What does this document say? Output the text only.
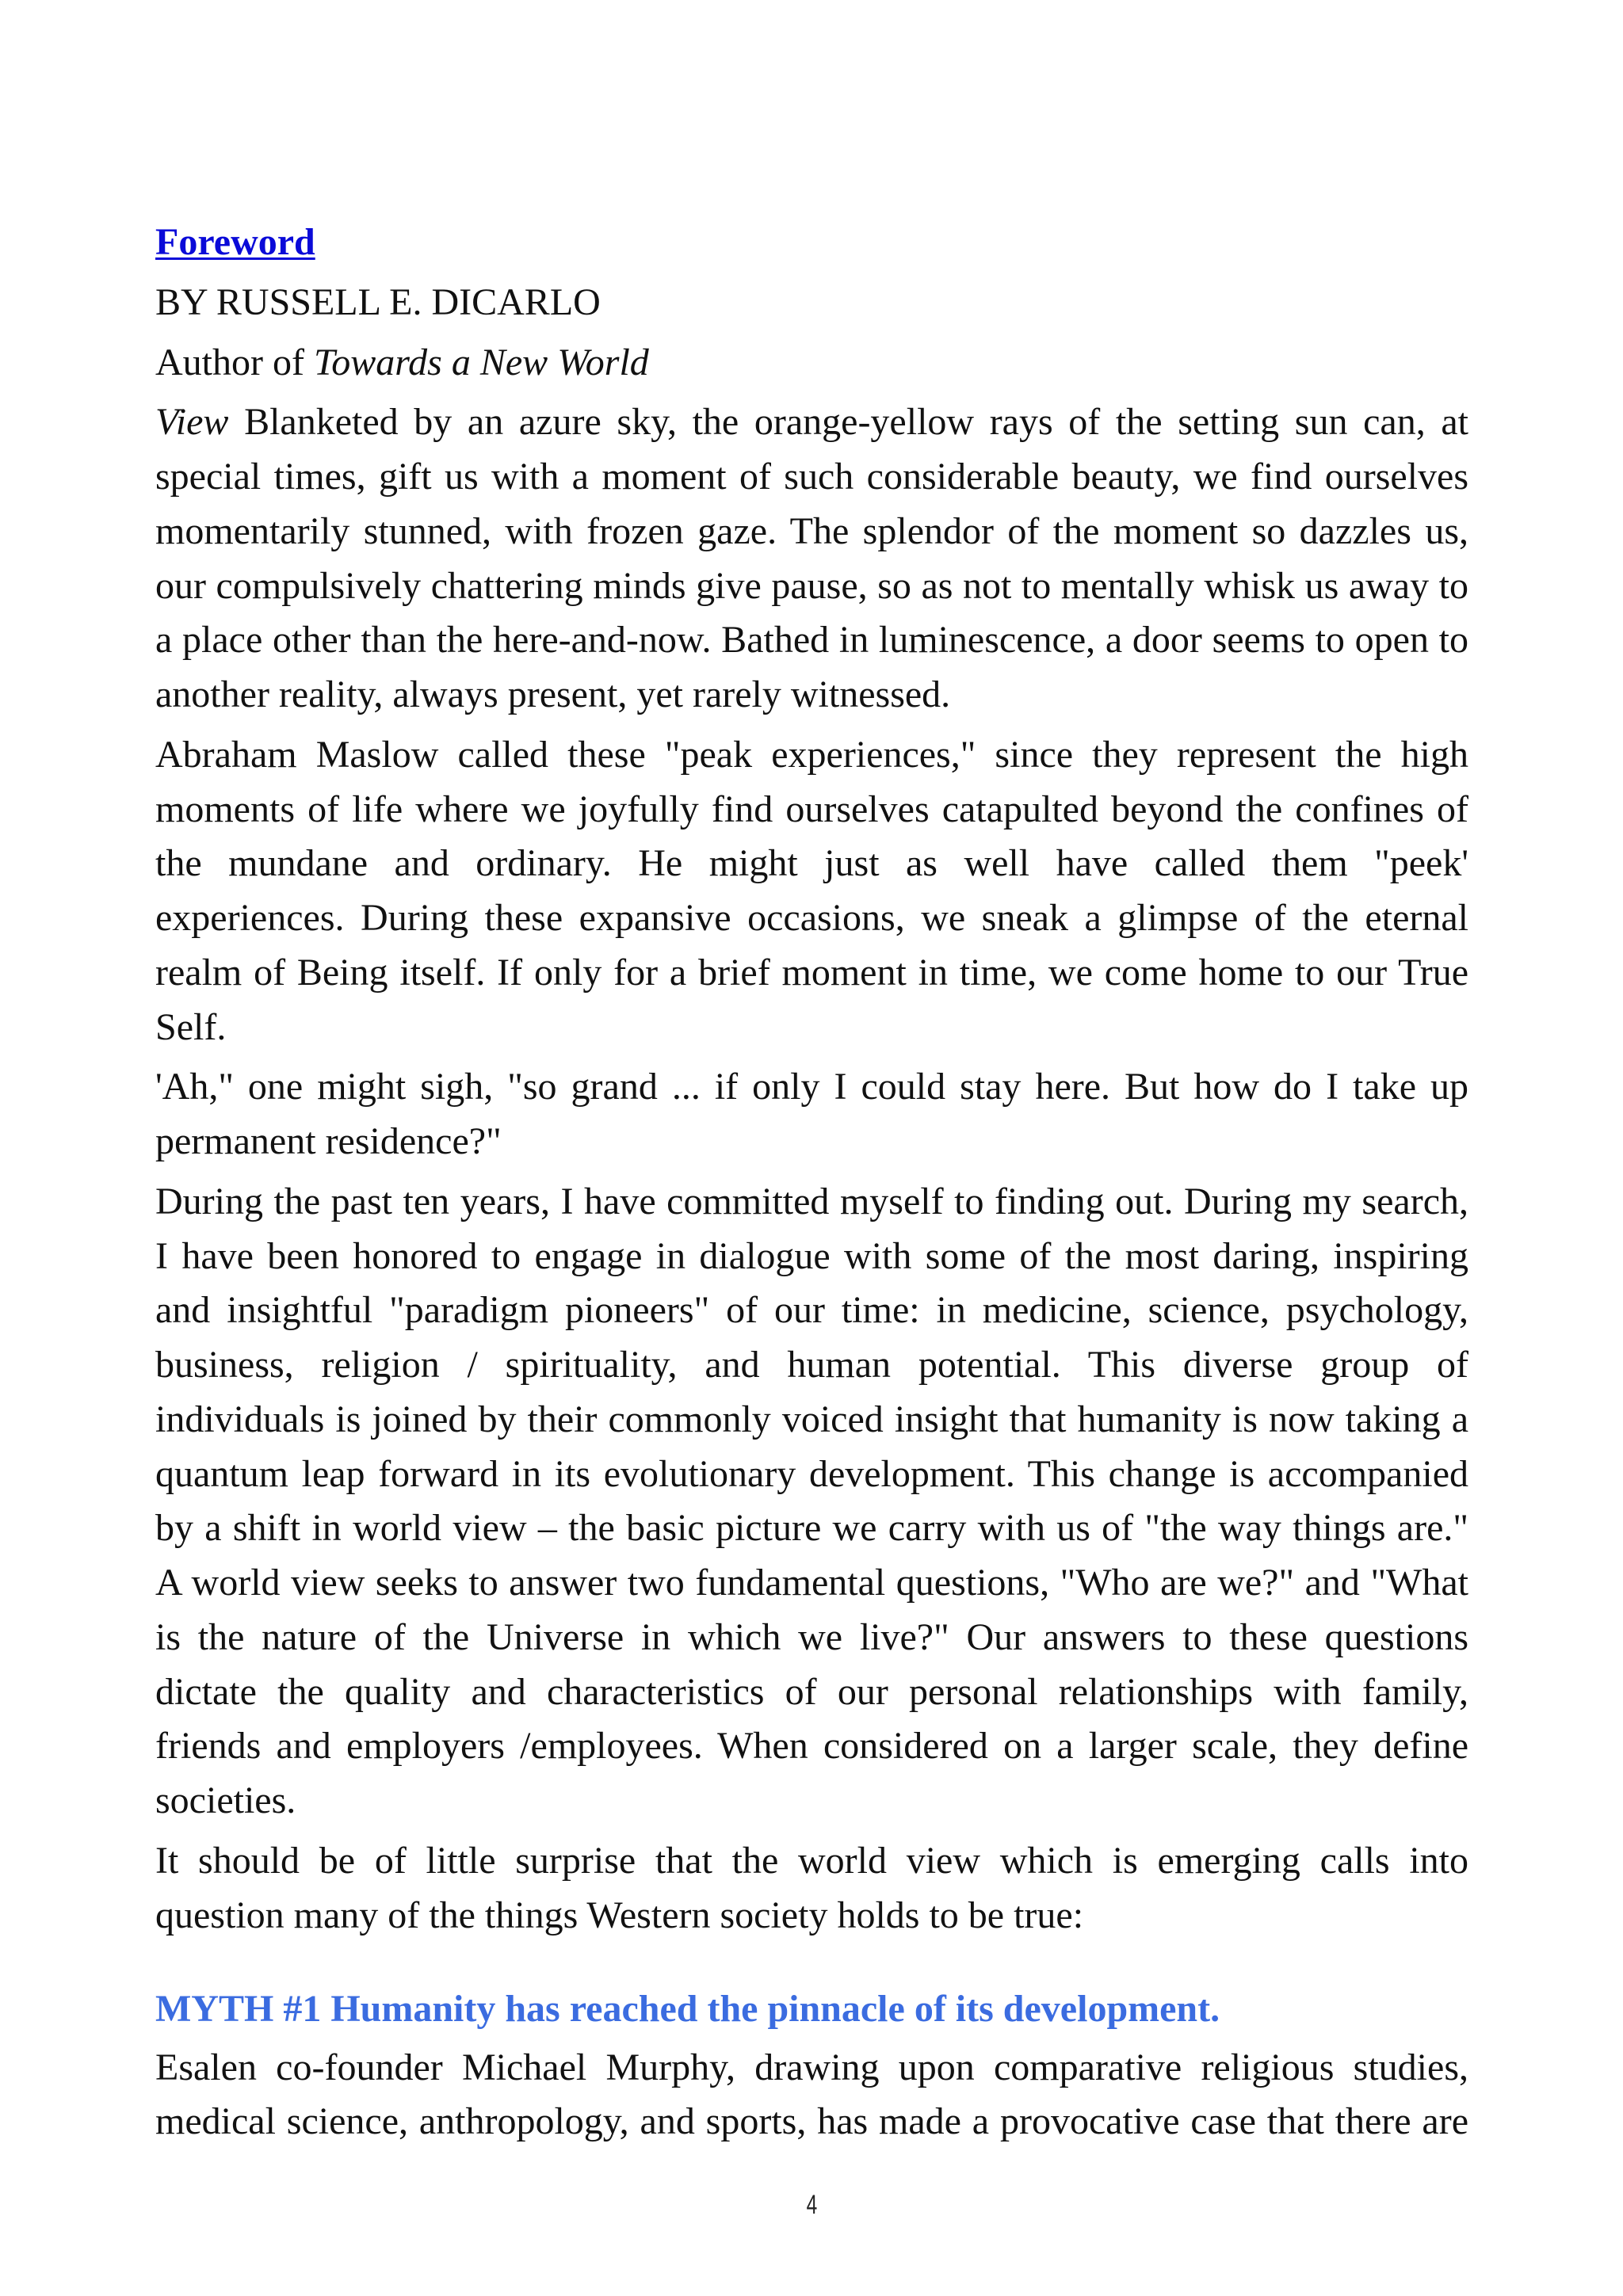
Foreword

BY RUSSELL E. DICARLO

Author of Towards a New World

View Blanketed by an azure sky, the orange-yellow rays of the setting sun can, at
special times, gift us with a moment of such considerable beauty, we find ourselves
momentarily stunned, with frozen gaze. The splendor of the moment so dazzles us,
our compulsively chattering minds give pause, so as not to mentally whisk us away to
a place other than the here-and-now. Bathed in luminescence, a door seems to open to
another reality, always present, yet rarely witnessed.
Abraham Maslow called these "peak experiences," since they represent the high
moments of life where we joyfully find ourselves catapulted beyond the confines of
the mundane and ordinary. He might just as well have called them "peek'
experiences. During these expansive occasions, we sneak a glimpse of the eternal
realm of Being itself. If only for a brief moment in time, we come home to our True
Self.
'Ah," one might sigh, "so grand ... if only I could stay here. But how do I take up
permanent residence?"
During the past ten years, I have committed myself to finding out. During my search,
I have been honored to engage in dialogue with some of the most daring, inspiring
and insightful "paradigm pioneers" of our time: in medicine, science, psychology,
business, religion / spirituality, and human potential. This diverse group of
individuals is joined by their commonly voiced insight that humanity is now taking a
quantum leap forward in its evolutionary development. This change is accompanied
by a shift in world view – the basic picture we carry with us of "the way things are."
A world view seeks to answer two fundamental questions, "Who are we?" and "What
is the nature of the Universe in which we live?" Our answers to these questions
dictate the quality and characteristics of our personal relationships with family,
friends and employers /employees. When considered on a larger scale, they define
societies.
It should be of little surprise that the world view which is emerging calls into
question many of the things Western society holds to be true:
MYTH #1 Humanity has reached the pinnacle of its development.
Esalen co-founder Michael Murphy, drawing upon comparative religious studies,
medical science, anthropology, and sports, has made a provocative case that there are
4
